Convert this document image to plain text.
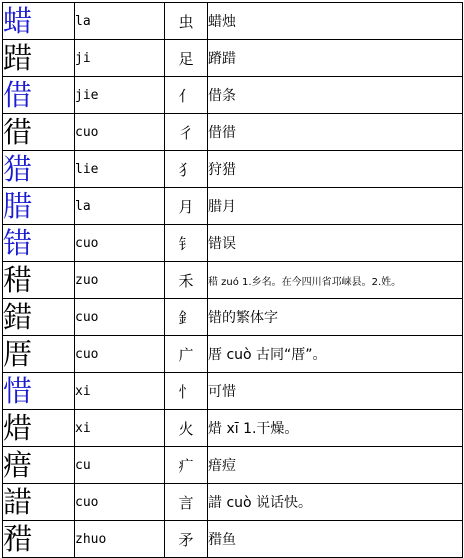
蜡	la	虫	蜡烛
踖	ji	足	蹐踖
借	jie	亻	借条
徣	cuo	彳	借徣
猎	lie	犭	狩猎
腊	la	月	腊月
错	cuo	钅	错误
稓	zuo	禾	稓 zuó 1.乡名。在今四川省邛崃县。2.姓。
錯	cuo	釒	错的繁体字
厝	cuo	广	厝 cuò 古同“厝”。
惜	xi	忄	可惜
焟	xi	火	焟 xī 1.干燥。
瘄	cu	疒	瘄痘
諎	cuo	言	諎 cuò 说话快。
矠	zhuo	矛	矠鱼
